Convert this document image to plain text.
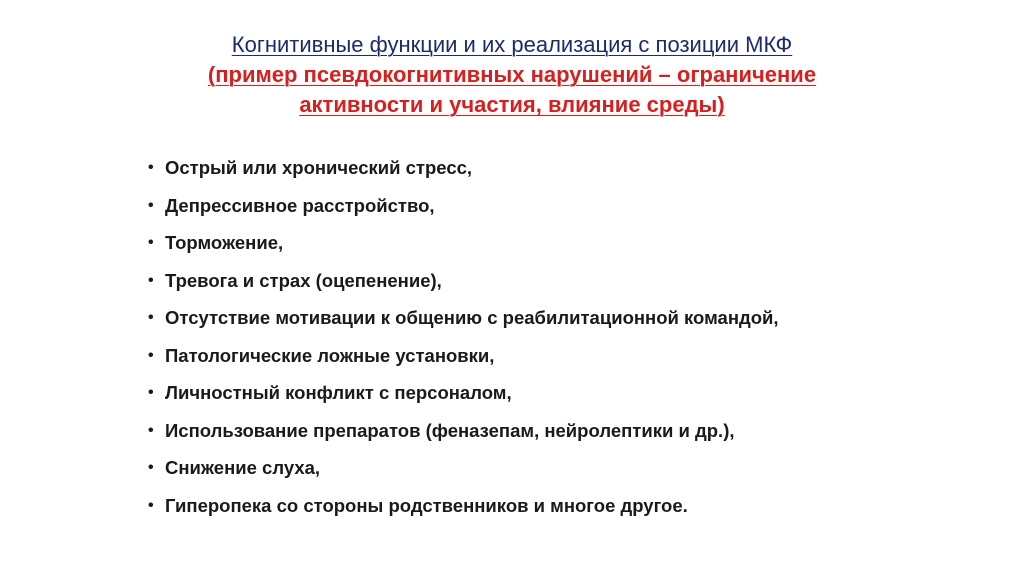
Когнитивные функции и их реализация с позиции МКФ
(пример псевдокогнитивных нарушений – ограничение
активности и участия, влияние среды)
• Острый или хронический стресс,
• Депрессивное расстройство,
• Торможение,
• Тревога и страх (оцепенение),
• Отсутствие мотивации к общению с реабилитационной командой,
• Патологические ложные установки,
• Личностный конфликт с персоналом,
• Использование препаратов (феназепам, нейролептики и др.),
• Снижение слуха,
• Гиперопека со стороны родственников и многое другое.
